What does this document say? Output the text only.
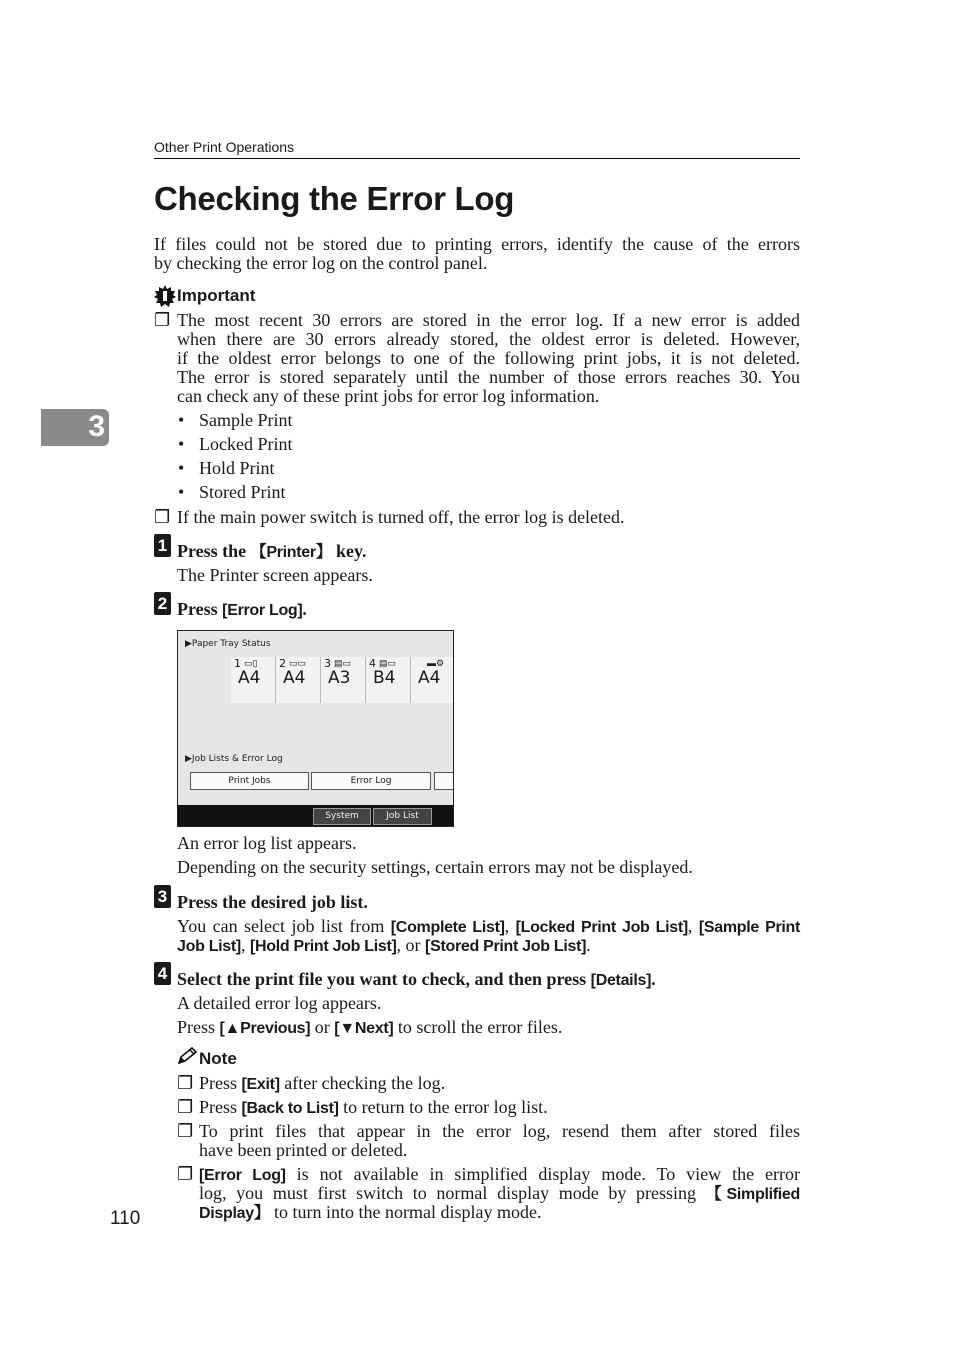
Other Print Operations
Checking the Error Log
3
If files could not be stored due to printing errors, identify the cause of the errors
by checking the error log on the control panel.
Important
❐ The most recent 30 errors are stored in the error log. If a new error is added
when there are 30 errors already stored, the oldest error is deleted. However,
if the oldest error belongs to one of the following print jobs, it is not deleted.
The error is stored separately until the number of those errors reaches 30. You
can check any of these print jobs for error log information.
• Sample Print
• Locked Print
• Hold Print
• Stored Print
❐ If the main power switch is turned off, the error log is deleted.
1 Press the 【Printer】 key.
The Printer screen appears.
2 Press [Error Log].
▶Paper Tray Status
1 ▭▯
A4
2 ▭▭
A4
3 ▤▭
A3
4 ▤▭
B4
▬⚙
A4
▶Job Lists & Error Log
Print Jobs	Error Log
System	Job List
An error log list appears.
Depending on the security settings, certain errors may not be displayed.
3 Press the desired job list.
You can select job list from [Complete List], [Locked Print Job List], [Sample Print
Job List], [Hold Print Job List], or [Stored Print Job List].
4 Select the print file you want to check, and then press [Details].
A detailed error log appears.
Press [▲Previous] or [▼Next] to scroll the error files.
Note
❐ Press [Exit] after checking the log.
❐ Press [Back to List] to return to the error log list.
❐ To print files that appear in the error log, resend them after stored files
have been printed or deleted.
❐ [Error Log] is not available in simplified display mode. To view the error
log, you must first switch to normal display mode by pressing 【Simplified
Display】 to turn into the normal display mode.
110
